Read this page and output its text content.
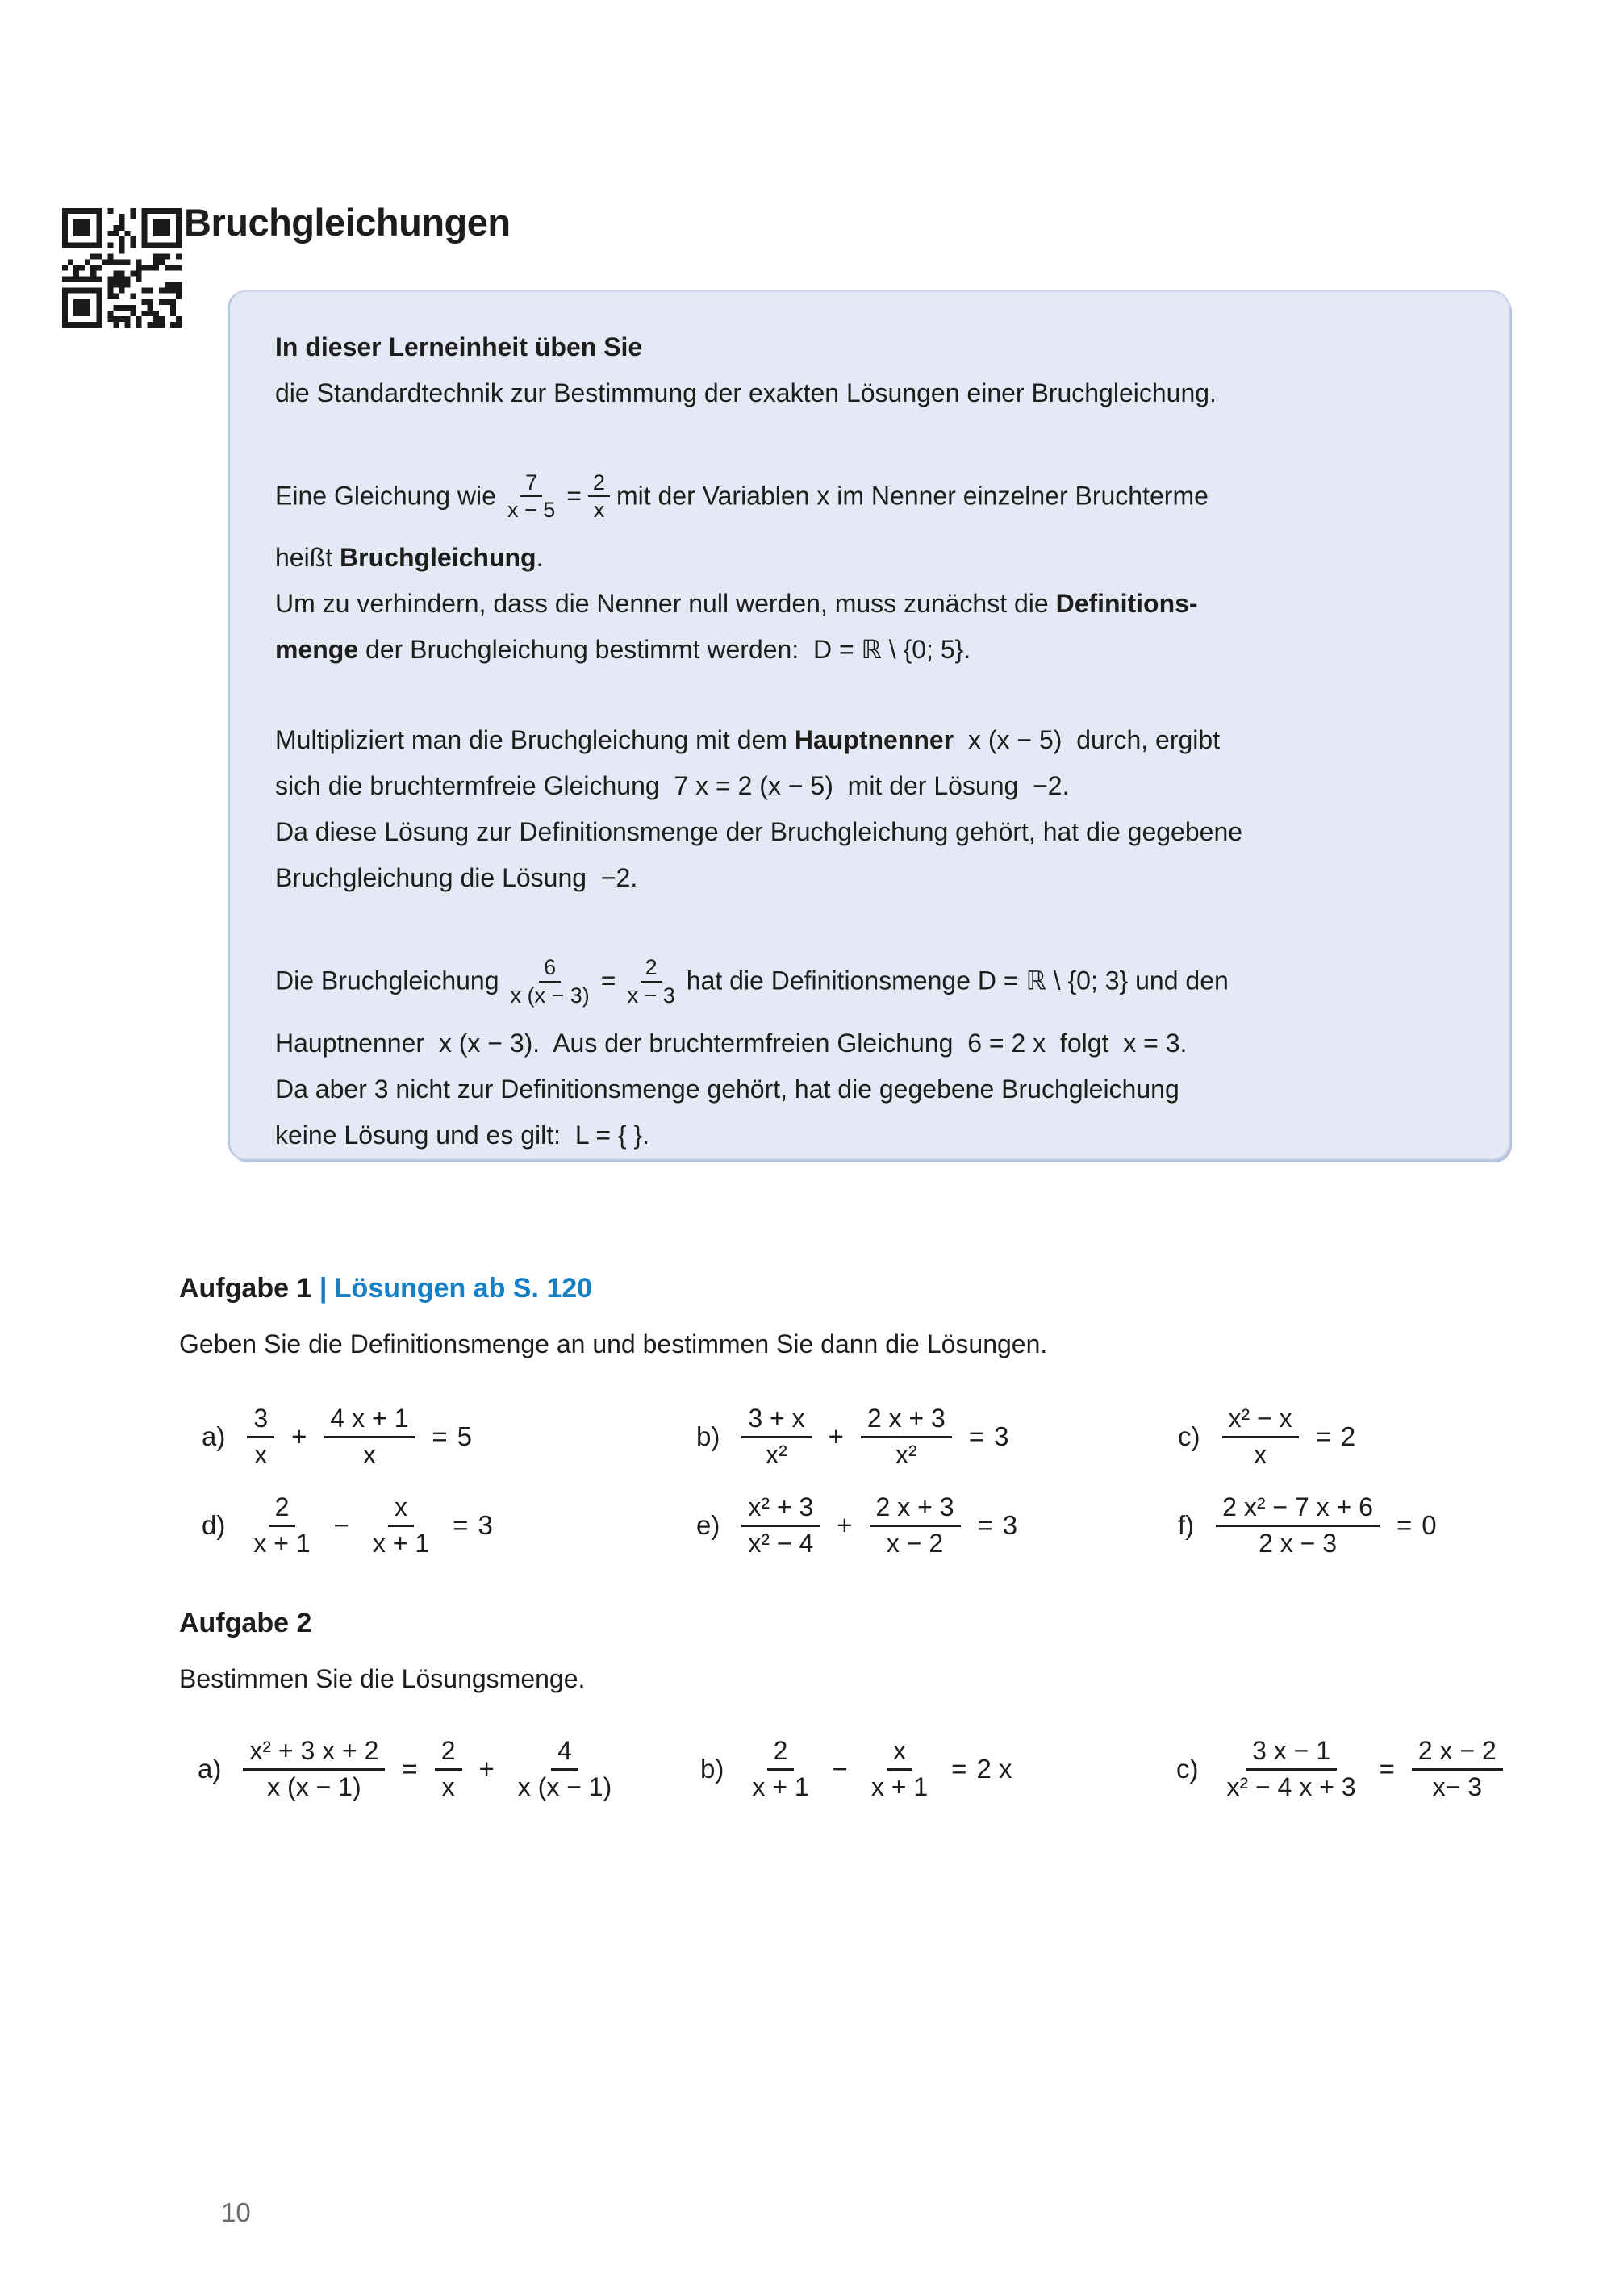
Bruchgleichungen
In dieser Lerneinheit üben Sie
die Standardtechnik zur Bestimmung der exakten Lösungen einer Bruchgleichung.
Eine Gleichung wie $\frac{7}{x - 5} = \frac{2}{x}$ mit der Variablen x im Nenner einzelner Bruchterme
heißt Bruchgleichung.
Um zu verhindern, dass die Nenner null werden, muss zunächst die Definitions-
menge der Bruchgleichung bestimmt werden:  D = ℝ \ {0; 5}.
Multipliziert man die Bruchgleichung mit dem Hauptnenner  x (x − 5)  durch, ergibt
sich die bruchtermfreie Gleichung  7 x = 2 (x − 5)  mit der Lösung  −2.
Da diese Lösung zur Definitionsmenge der Bruchgleichung gehört, hat die gegebene
Bruchgleichung die Lösung  −2.
Die Bruchgleichung $\frac{6}{x (x - 3)} = \frac{2}{x - 3}$ hat die Definitionsmenge D = ℝ \ {0; 3} und den
Hauptnenner  x (x − 3).  Aus der bruchtermfreien Gleichung  6 = 2 x  folgt  x = 3.
Da aber 3 nicht zur Definitionsmenge gehört, hat die gegebene Bruchgleichung
keine Lösung und es gilt:  L = { }.
Aufgabe 1 | Lösungen ab S. 120
Geben Sie die Definitionsmenge an und bestimmen Sie dann die Lösungen.
$a) \frac{3}{x} + \frac{4 x + 1}{x} = 5$	$b) \frac{3 + x}{\text{x²}} + \frac{2 x + 3}{\text{x²}} = 3$	$c) \frac{\text{x² − x}}{x} = 2$
$d) \frac{2}{x + 1} - \frac{x}{x + 1} = 3$	$e) \frac{\text{x² + 3}}{\text{x² − 4}} + \frac{2 x + 3}{x - 2} = 3$	$f) \frac{\text{2 x² − 7 x + 6}}{2 x - 3} = 0$
Aufgabe 2
Bestimmen Sie die Lösungsmenge.
$a) \frac{\text{x² + 3 x + 2}}{x (x - 1)} = \frac{2}{x} + \frac{4}{x (x - 1)}$	$b) \frac{2}{x + 1} - \frac{x}{x + 1} = 2$ x	$c) \frac{3 x - 1}{\text{x² − 4 x + 3}} = \frac{2 x - 2}{x- 3}$
10
